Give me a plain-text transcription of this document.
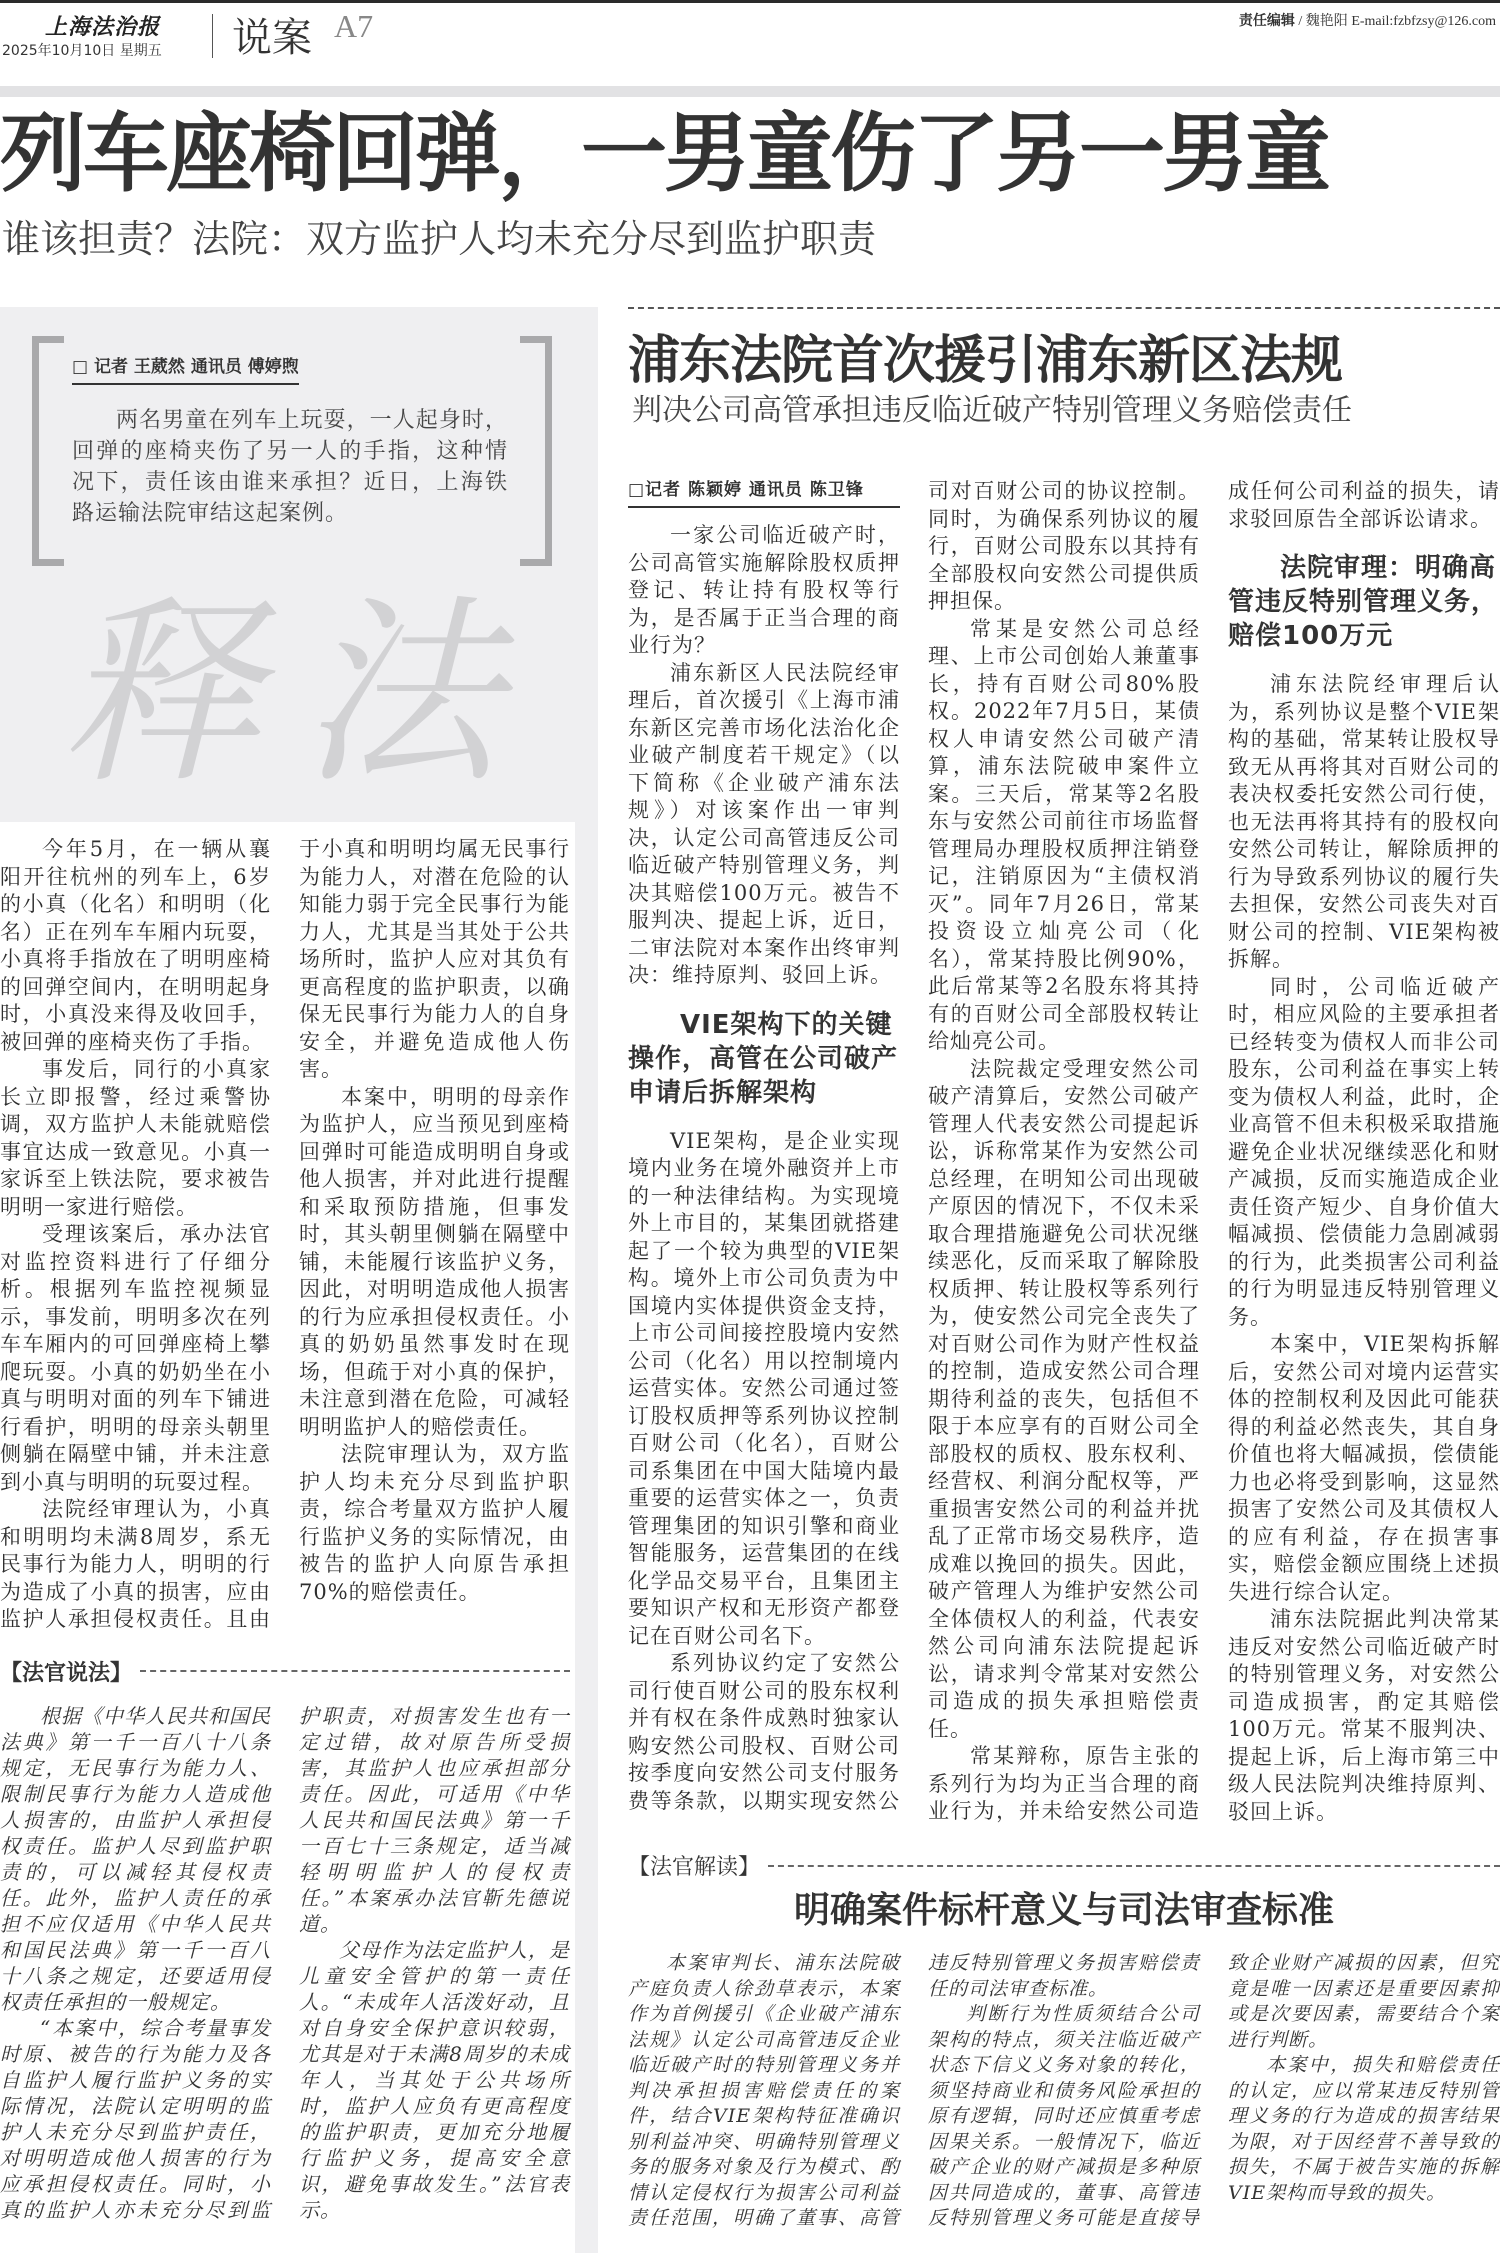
上海法治报
2025年10月10日 星期五 说案 A7	责任编辑 / 魏艳阳 E-mail:fzbfzsy@126.com
列车座椅回弹，一男童伤了另一男童
谁该担责？法院：双方监护人均未充分尽到监护职责
□ 记者 王葳然 通讯员 傅婷煦
两名男童在列车上玩耍，一人起身时，回弹的座椅夹伤了另一人的手指，这种情况下，责任该由谁来承担？近日，上海铁路运输法院审结这起案例。
释法

今年5月，在一辆从襄阳开往杭州的列车上，6岁的小真（化名）和明明（化名）正在列车车厢内玩耍，小真将手指放在了明明座椅的回弹空间内，在明明起身时，小真没来得及收回手，被回弹的座椅夹伤了手指。

事发后，同行的小真家长立即报警，经过乘警协调，双方监护人未能就赔偿事宜达成一致意见。小真一家诉至上铁法院，要求被告明明一家进行赔偿。

受理该案后，承办法官对监控资料进行了仔细分析。根据列车监控视频显示，事发前，明明多次在列车车厢内的可回弹座椅上攀爬玩耍。小真的奶奶坐在小真与明明对面的列车下铺进行看护，明明的母亲头朝里侧躺在隔壁中铺，并未注意到小真与明明的玩耍过程。

法院经审理认为，小真和明明均未满8周岁，系无民事行为能力人，明明的行为造成了小真的损害，应由监护人承担侵权责任。且由于小真和明明均属无民事行为能力人，对潜在危险的认知能力弱于完全民事行为能力人，尤其是当其处于公共场所时，监护人应对其负有更高程度的监护职责，以确保无民事行为能力人的自身安全，并避免造成他人伤害。

本案中，明明的母亲作为监护人，应当预见到座椅回弹时可能造成明明自身或他人损害，并对此进行提醒和采取预防措施，但事发时，其头朝里侧躺在隔壁中铺，未能履行该监护义务，因此，对明明造成他人损害的行为应承担侵权责任。小真的奶奶虽然事发时在现场，但疏于对小真的保护，未注意到潜在危险，可减轻明明监护人的赔偿责任。

法院审理认为，双方监护人均未充分尽到监护职责，综合考量双方监护人履行监护义务的实际情况，由被告的监护人向原告承担70%的赔偿责任。

【法官说法】

根据《中华人民共和国民法典》第一千一百八十八条规定，无民事行为能力人、限制民事行为能力人造成他人损害的，由监护人承担侵权责任。监护人尽到监护职责的，可以减轻其侵权责任。此外，监护人责任的承担不应仅适用《中华人民共和国民法典》第一千一百八十八条之规定，还要适用侵权责任承担的一般规定。

“本案中，综合考量事发时原、被告的行为能力及各自监护人履行监护义务的实际情况，法院认定明明的监护人未充分尽到监护责任，对明明造成他人损害的行为应承担侵权责任。同时，小真的监护人亦未充分尽到监护职责，对损害发生也有一定过错，故对原告所受损害，其监护人也应承担部分责任。因此，可适用《中华人民共和国民法典》第一千一百七十三条规定，适当减轻明明监护人的侵权责任。”本案承办法官靳先德说道。

父母作为法定监护人，是儿童安全管护的第一责任人。“未成年人活泼好动，且对自身安全保护意识较弱，尤其是对于未满8周岁的未成年人，当其处于公共场所时，监护人应负有更高程度的监护职责，更加充分地履行监护义务，提高安全意识，避免事故发生。”法官表示。

浦东法院首次援引浦东新区法规
判决公司高管承担违反临近破产特别管理义务赔偿责任
□记者 陈颖婷 通讯员 陈卫锋

一家公司临近破产时，公司高管实施解除股权质押登记、转让持有股权等行为，是否属于正当合理的商业行为？

浦东新区人民法院经审理后，首次援引《上海市浦东新区完善市场化法治化企业破产制度若干规定》（以下简称《企业破产浦东法规》）对该案作出一审判决，认定公司高管违反公司临近破产特别管理义务，判决其赔偿100万元。被告不服判决、提起上诉，近日，二审法院对本案作出终审判决：维持原判、驳回上诉。

VIE架构下的关键操作，高管在公司破产申请后拆解架构

VIE架构，是企业实现境内业务在境外融资并上市的一种法律结构。为实现境外上市目的，某集团就搭建起了一个较为典型的VIE架构。境外上市公司负责为中国境内实体提供资金支持，上市公司间接控股境内安然公司（化名）用以控制境内运营实体。安然公司通过签订股权质押等系列协议控制百财公司（化名），百财公司系集团在中国大陆境内最重要的运营实体之一，负责管理集团的知识引擎和商业智能服务，运营集团的在线化学品交易平台，且集团主要知识产权和无形资产都登记在百财公司名下。

系列协议约定了安然公司行使百财公司的股东权利并有权在条件成熟时独家认购安然公司股权、百财公司按季度向安然公司支付服务费等条款，以期实现安然公司对百财公司的协议控制。同时，为确保系列协议的履行，百财公司股东以其持有全部股权向安然公司提供质押担保。

常某是安然公司总经理、上市公司创始人兼董事长，持有百财公司80%股权。2022年7月5日，某债权人申请安然公司破产清算，浦东法院破申案件立案。三天后，常某等2名股东与安然公司前往市场监督管理局办理股权质押注销登记，注销原因为“主债权消灭”。同年7月26日，常某投资设立灿亮公司（化名），常某持股比例90%，此后常某等2名股东将其持有的百财公司全部股权转让给灿亮公司。

法院裁定受理安然公司破产清算后，安然公司破产管理人代表安然公司提起诉讼，诉称常某作为安然公司总经理，在明知公司出现破产原因的情况下，不仅未采取合理措施避免公司状况继续恶化，反而采取了解除股权质押、转让股权等系列行为，使安然公司完全丧失了对百财公司作为财产性权益的控制，造成安然公司合理期待利益的丧失，包括但不限于本应享有的百财公司全部股权的质权、股东权利、经营权、利润分配权等，严重损害安然公司的利益并扰乱了正常市场交易秩序，造成难以挽回的损失。因此，破产管理人为维护安然公司全体债权人的利益，代表安然公司向浦东法院提起诉讼，请求判令常某对安然公司造成的损失承担赔偿责任。

常某辩称，原告主张的系列行为均为正当合理的商业行为，并未给安然公司造成任何公司利益的损失，请求驳回原告全部诉讼请求。

法院审理：明确高管违反特别管理义务，赔偿100万元

浦东法院经审理后认为，系列协议是整个VIE架构的基础，常某转让股权导致无从再将其对百财公司的表决权委托安然公司行使，也无法再将其持有的股权向安然公司转让，解除质押的行为导致系列协议的履行失去担保，安然公司丧失对百财公司的控制、VIE架构被拆解。

同时，公司临近破产时，相应风险的主要承担者已经转变为债权人而非公司股东，公司利益在事实上转变为债权人利益，此时，企业高管不但未积极采取措施避免企业状况继续恶化和财产减损，反而实施造成企业责任资产短少、自身价值大幅减损、偿债能力急剧减弱的行为，此类损害公司利益的行为明显违反特别管理义务。

本案中，VIE架构拆解后，安然公司对境内运营实体的控制权利及因此可能获得的利益必然丧失，其自身价值也将大幅减损，偿债能力也必将受到影响，这显然损害了安然公司及其债权人的应有利益，存在损害事实，赔偿金额应围绕上述损失进行综合认定。

浦东法院据此判决常某违反对安然公司临近破产时的特别管理义务，对安然公司造成损害，酌定其赔偿100万元。常某不服判决、提起上诉，后上海市第三中级人民法院判决维持原判、驳回上诉。

【法官解读】
明确案件标杆意义与司法审查标准

本案审判长、浦东法院破产庭负责人徐劲草表示，本案作为首例援引《企业破产浦东法规》认定公司高管违反企业临近破产时的特别管理义务并判决承担损害赔偿责任的案件，结合VIE架构特征准确识别利益冲突、明确特别管理义务的服务对象及行为模式、酌情认定侵权行为损害公司利益责任范围，明确了董事、高管违反特别管理义务损害赔偿责任的司法审查标准。

判断行为性质须结合公司架构的特点，须关注临近破产状态下信义义务对象的转化，须坚持商业和债务风险承担的原有逻辑，同时还应慎重考虑因果关系。一般情况下，临近破产企业的财产减损是多种原因共同造成的，董事、高管违反特别管理义务可能是直接导致企业财产减损的因素，但究竟是唯一因素还是重要因素抑或是次要因素，需要结合个案进行判断。

本案中，损失和赔偿责任的认定，应以常某违反特别管理义务的行为造成的损害结果为限，对于因经营不善导致的损失，不属于被告实施的拆解VIE架构而导致的损失。
